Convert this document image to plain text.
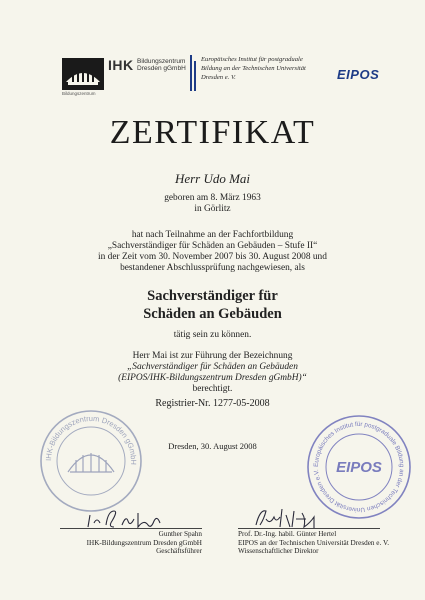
IHK Bildungszentrum
Dresden gGmbH
Bildungszentrum
Europäisches Institut für postgraduale
Bildung an der Technischen Universität
Dresden e. V.	EIPOS
ZERTIFIKAT
Herr Udo Mai
geboren am 8. März 1963
in Görlitz
hat nach Teilnahme an der Fachfortbildung
„Sachverständiger für Schäden an Gebäuden – Stufe II“
in der Zeit vom 30. November 2007 bis 30. August 2008 und
bestandener Abschlussprüfung nachgewiesen, als
Sachverständiger für
Schäden an Gebäuden
tätig sein zu können.
Herr Mai ist zur Führung der Bezeichnung
„Sachverständiger für Schäden an Gebäuden
(EIPOS/IHK-Bildungszentrum Dresden gGmbH)“
berechtigt.
Registrier-Nr. 1277-05-2008
Dresden, 30. August 2008
IHK-Bildungszentrum Dresden gGmbH	Europäisches Institut für postgraduale Bildung an der Technischen Universität Dresden e.V.	EIPOS
Gunther Spahn
IHK-Bildungszentrum Dresden gGmbH
Geschäftsführer
Prof. Dr.-Ing. habil. Günter Hertel
EIPOS an der Technischen Universität Dresden e. V.
Wissenschaftlicher Direktor
